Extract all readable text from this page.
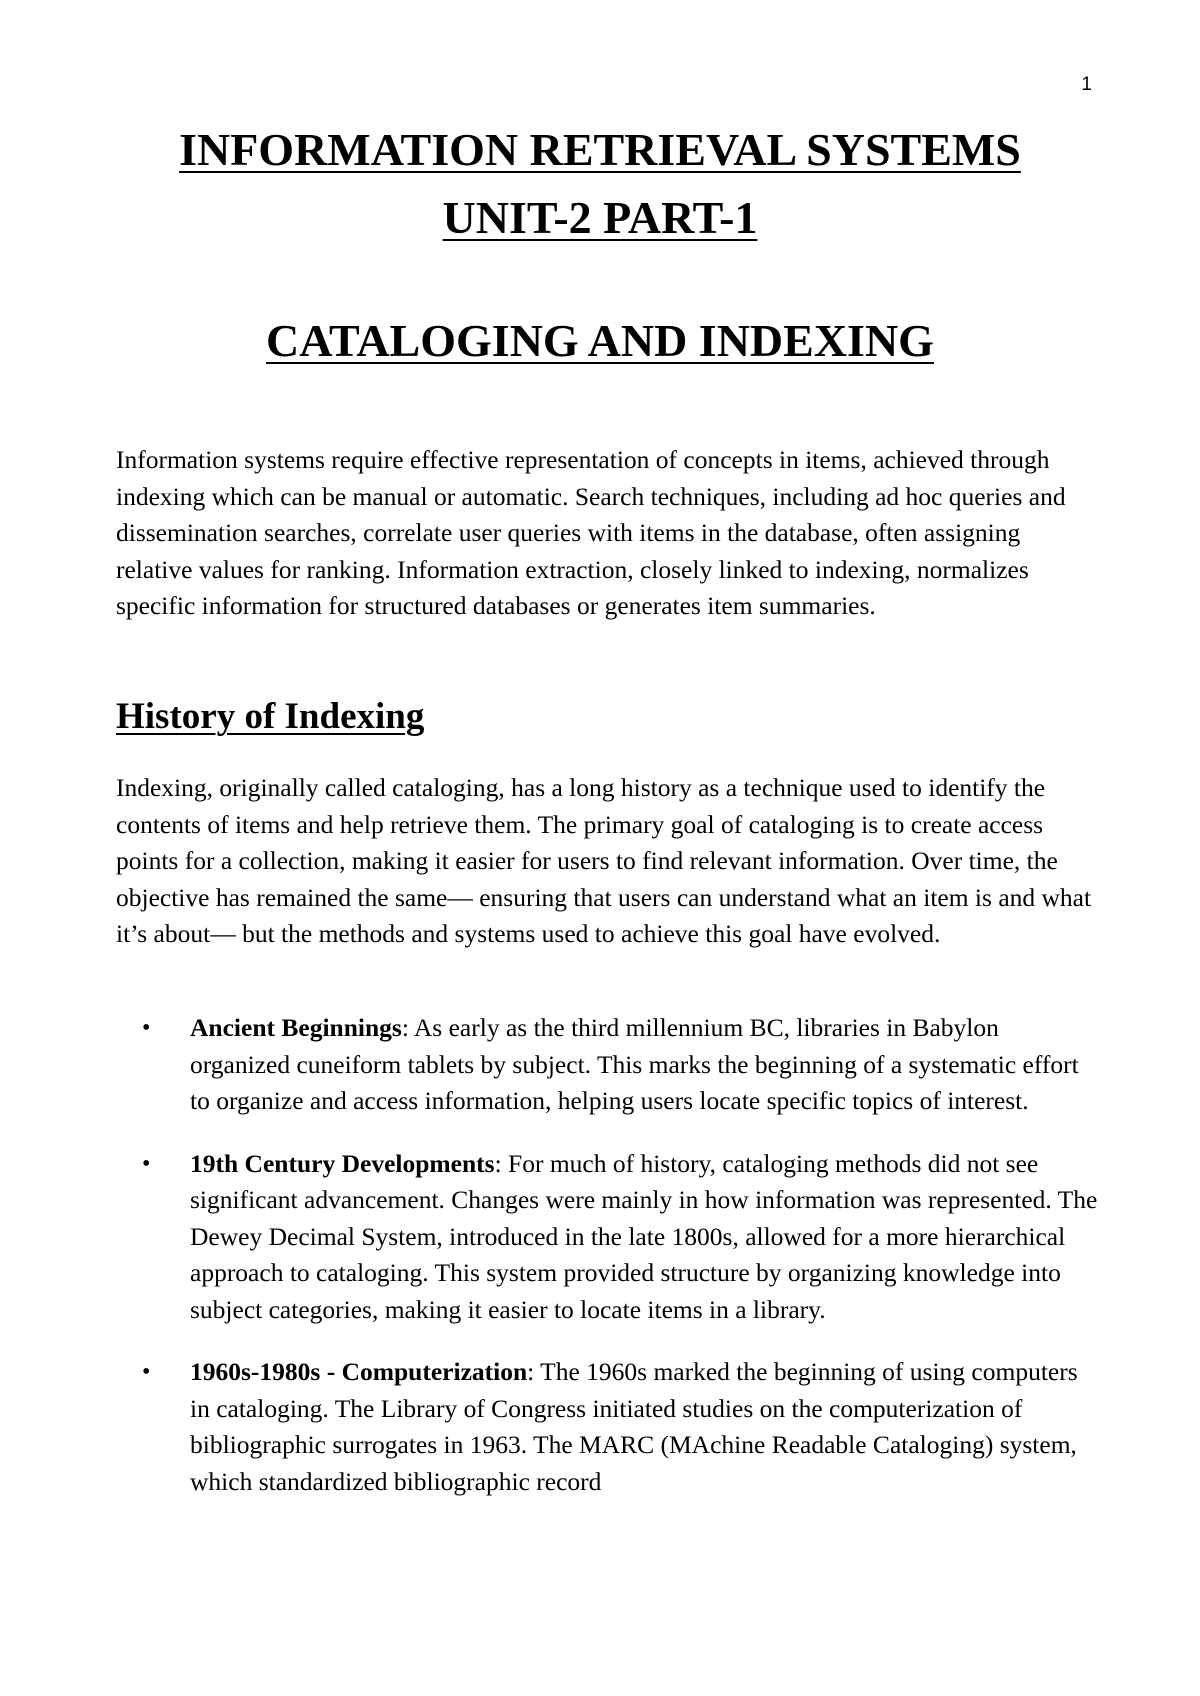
1
INFORMATION RETRIEVAL SYSTEMS
UNIT-2 PART-1
CATALOGING AND INDEXING

Information systems require effective representation of concepts in items, achieved through indexing which can be manual or automatic. Search techniques, including ad hoc queries and dissemination searches, correlate user queries with items in the database, often assigning relative values for ranking. Information extraction, closely linked to indexing, normalizes specific information for structured databases or generates item summaries.

History of Indexing

Indexing, originally called cataloging, has a long history as a technique used to identify the contents of items and help retrieve them. The primary goal of cataloging is to create access points for a collection, making it easier for users to find relevant information. Over time, the objective has remained the same— ensuring that users can understand what an item is and what it’s about— but the methods and systems used to achieve this goal have evolved.

• Ancient Beginnings: As early as the third millennium BC, libraries in Babylon organized cuneiform tablets by subject. This marks the beginning of a systematic effort to organize and access information, helping users locate specific topics of interest.
• 19th Century Developments: For much of history, cataloging methods did not see significant advancement. Changes were mainly in how information was represented. The Dewey Decimal System, introduced in the late 1800s, allowed for a more hierarchical approach to cataloging. This system provided structure by organizing knowledge into subject categories, making it easier to locate items in a library.
• 1960s-1980s - Computerization: The 1960s marked the beginning of using computers in cataloging. The Library of Congress initiated studies on the computerization of bibliographic surrogates in 1963. The MARC (MAchine Readable Cataloging) system, which standardized bibliographic record
